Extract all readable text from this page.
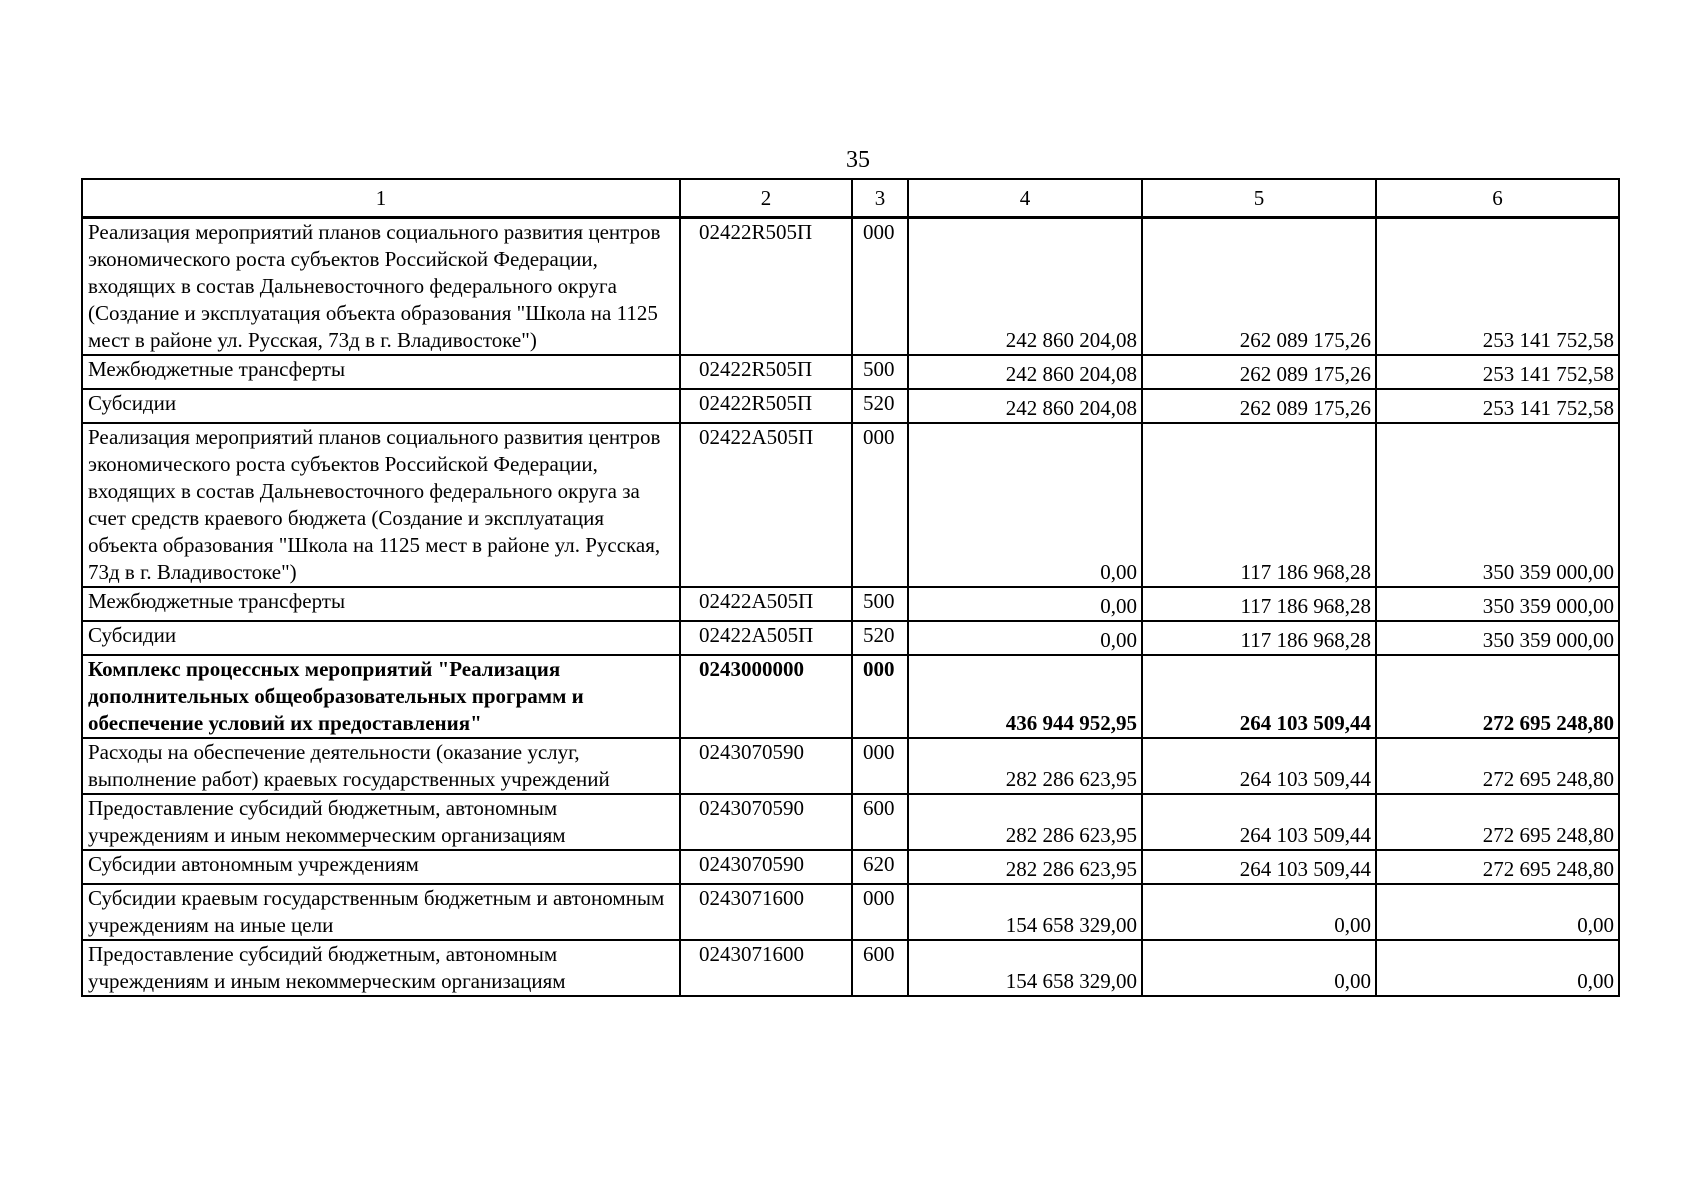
35
1	2	3	4	5	6
Реализация мероприятий планов социального развития центров экономического роста субъектов Российской Федерации, входящих в состав Дальневосточного федерального округа (Создание и эксплуатация объекта образования "Школа на 1125 мест в районе ул. Русская, 73д в г. Владивостоке")	02422R505П	000	242 860 204,08	262 089 175,26	253 141 752,58
Межбюджетные трансферты	02422R505П	500	242 860 204,08	262 089 175,26	253 141 752,58
Субсидии	02422R505П	520	242 860 204,08	262 089 175,26	253 141 752,58
Реализация мероприятий планов социального развития центров экономического роста субъектов Российской Федерации, входящих в состав Дальневосточного федерального округа за счет средств краевого бюджета (Создание и эксплуатация объекта образования "Школа на 1125 мест в районе ул. Русская, 73д в г. Владивостоке")	02422A505П	000	0,00	117 186 968,28	350 359 000,00
Межбюджетные трансферты	02422A505П	500	0,00	117 186 968,28	350 359 000,00
Субсидии	02422A505П	520	0,00	117 186 968,28	350 359 000,00
Комплекс процессных мероприятий "Реализация дополнительных общеобразовательных программ и обеспечение условий их предоставления"	0243000000	000	436 944 952,95	264 103 509,44	272 695 248,80
Расходы на обеспечение деятельности (оказание услуг, выполнение работ) краевых государственных учреждений	0243070590	000	282 286 623,95	264 103 509,44	272 695 248,80
Предоставление субсидий бюджетным, автономным учреждениям и иным некоммерческим организациям	0243070590	600	282 286 623,95	264 103 509,44	272 695 248,80
Субсидии автономным учреждениям	0243070590	620	282 286 623,95	264 103 509,44	272 695 248,80
Субсидии краевым государственным бюджетным и автономным учреждениям на иные цели	0243071600	000	154 658 329,00	0,00	0,00
Предоставление субсидий бюджетным, автономным учреждениям и иным некоммерческим организациям	0243071600	600	154 658 329,00	0,00	0,00
